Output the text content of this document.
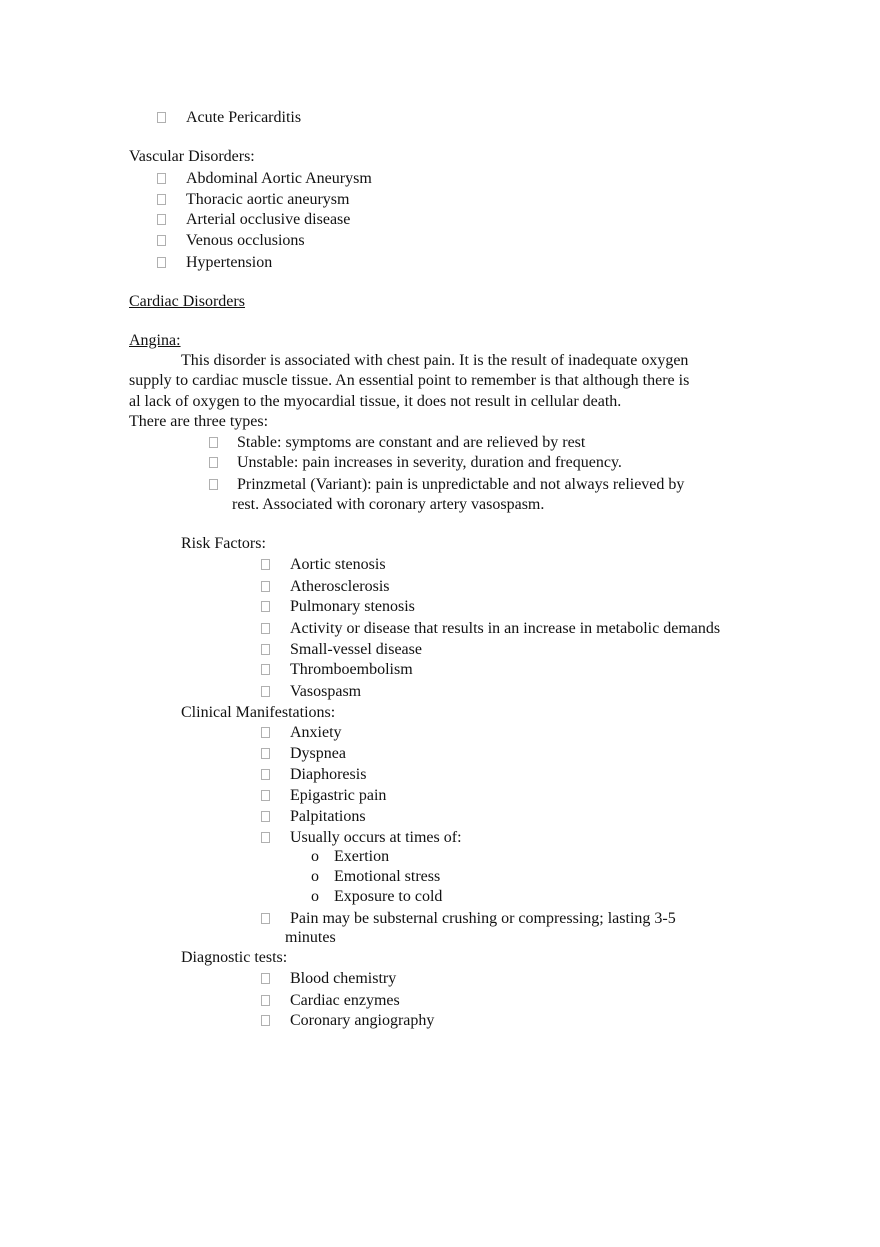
Acute Pericarditis
Vascular Disorders:
Abdominal Aortic Aneurysm
Thoracic aortic aneurysm
Arterial occlusive disease
Venous occlusions
Hypertension
Cardiac Disorders
Angina:
This disorder is associated with chest pain. It is the result of inadequate oxygen
supply to cardiac muscle tissue. An essential point to remember is that although there is
al lack of oxygen to the myocardial tissue, it does not result in cellular death.
There are three types:
Stable: symptoms are constant and are relieved by rest
Unstable: pain increases in severity, duration and frequency.
Prinzmetal (Variant): pain is unpredictable and not always relieved by
rest. Associated with coronary artery vasospasm.
Risk Factors:
Aortic stenosis
Atherosclerosis
Pulmonary stenosis
Activity or disease that results in an increase in metabolic demands
Small-vessel disease
Thromboembolism
Vasospasm
Clinical Manifestations:
Anxiety
Dyspnea
Diaphoresis
Epigastric pain
Palpitations
Usually occurs at times of:
o Exertion
o Emotional stress
o Exposure to cold
Pain may be substernal crushing or compressing; lasting 3-5
minutes
Diagnostic tests:
Blood chemistry
Cardiac enzymes
Coronary angiography
